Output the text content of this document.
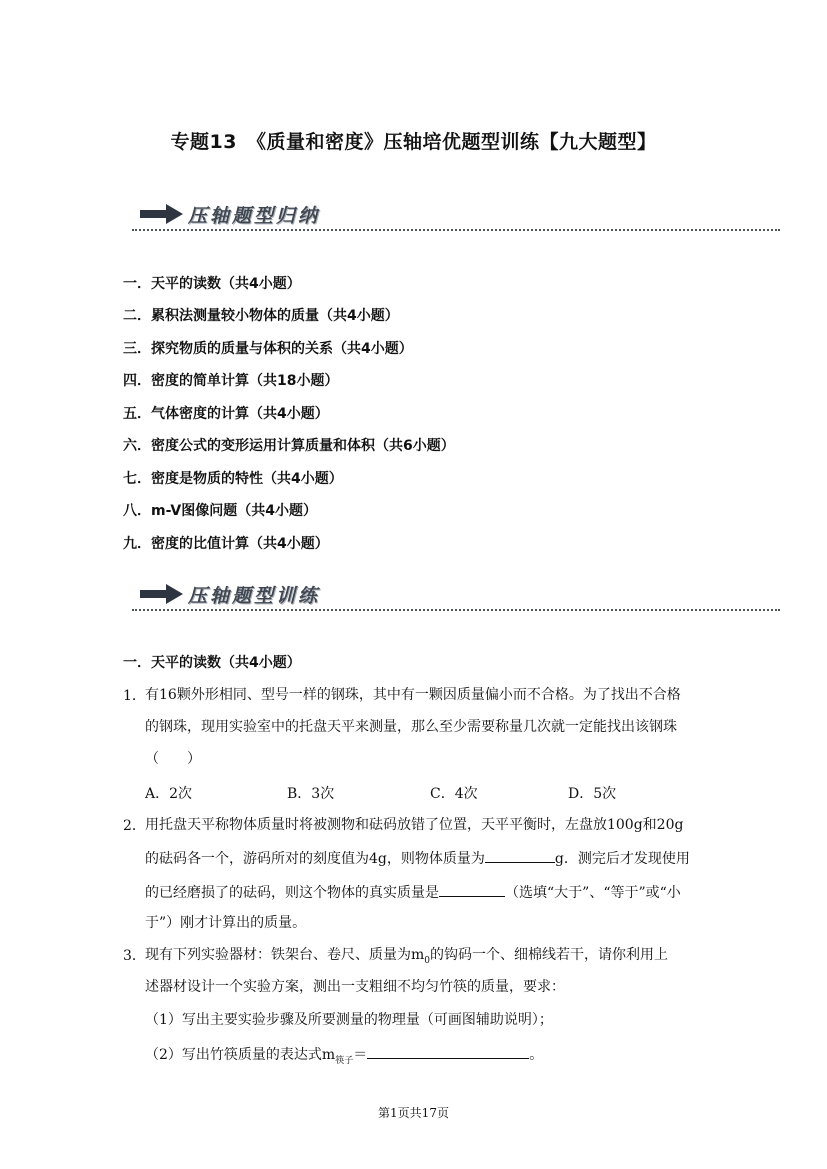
专题13　《质量和密度》压轴培优题型训练【九大题型】
压轴题型归纳
一．天平的读数（共4小题）
二．累积法测量较小物体的质量（共4小题）
三．探究物质的质量与体积的关系（共4小题）
四．密度的简单计算（共18小题）
五．气体密度的计算（共4小题）
六．密度公式的变形运用计算质量和体积（共6小题）
七．密度是物质的特性（共4小题）
八．m-V图像问题（共4小题）
九．密度的比值计算（共4小题）
压轴题型训练
一．天平的读数（共4小题）
1． 有16颗外形相同、型号一样的钢珠，其中有一颗因质量偏小而不合格。为了找出不合格
的钢珠，现用实验室中的托盘天平来测量，那么至少需要称量几次就一定能找出该钢珠
（　　）
A．2次	B．3次	C．4次	D．5次
2． 用托盘天平称物体质量时将被测物和砝码放错了位置，天平平衡时，左盘放100g和20g
的砝码各一个，游码所对的刻度值为4g，则物体质量为	g．测完后才发现使用
的已经磨损了的砝码，则这个物体的真实质量是	（选填“大于”、“等于”或“小
于”）刚才计算出的质量。
3． 现有下列实验器材：铁架台、卷尺、质量为$m_0$的钩码一个、细棉线若干，请你利用上
述器材设计一个实验方案，测出一支粗细不均匀竹筷的质量，要求：
（1）写出主要实验步骤及所要测量的物理量（可画图辅助说明）；
（2）写出竹筷质量的表达式$m_{筷子}=$	。
第1页共17页
